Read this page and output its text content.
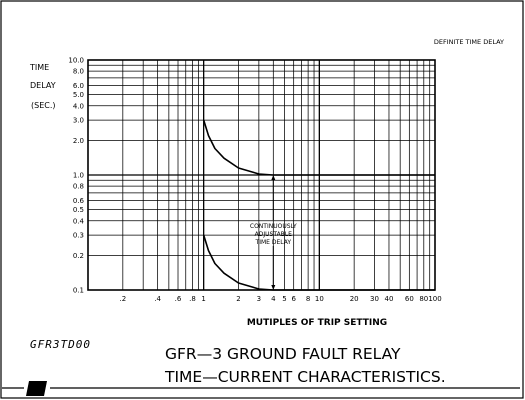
DEFINITE TIME DELAY
0.1
0.2
0.3
0.4
0.5
0.6
0.8
1.0
2.0
3.0
4.0
5.0
6.0
8.0
10.0
.2	.4 .6 .8 1	2 3 4 5 6 8 10	20 30 40 60 80 100
CONTINUOUSLY
ADJUSTABLE
TIME DELAY
TIME
DELAY
(SEC.)
MUTIPLES OF TRIP SETTING
GFR3TD00
GFR—3 GROUND FAULT RELAY
TIME—CURRENT CHARACTERISTICS.
